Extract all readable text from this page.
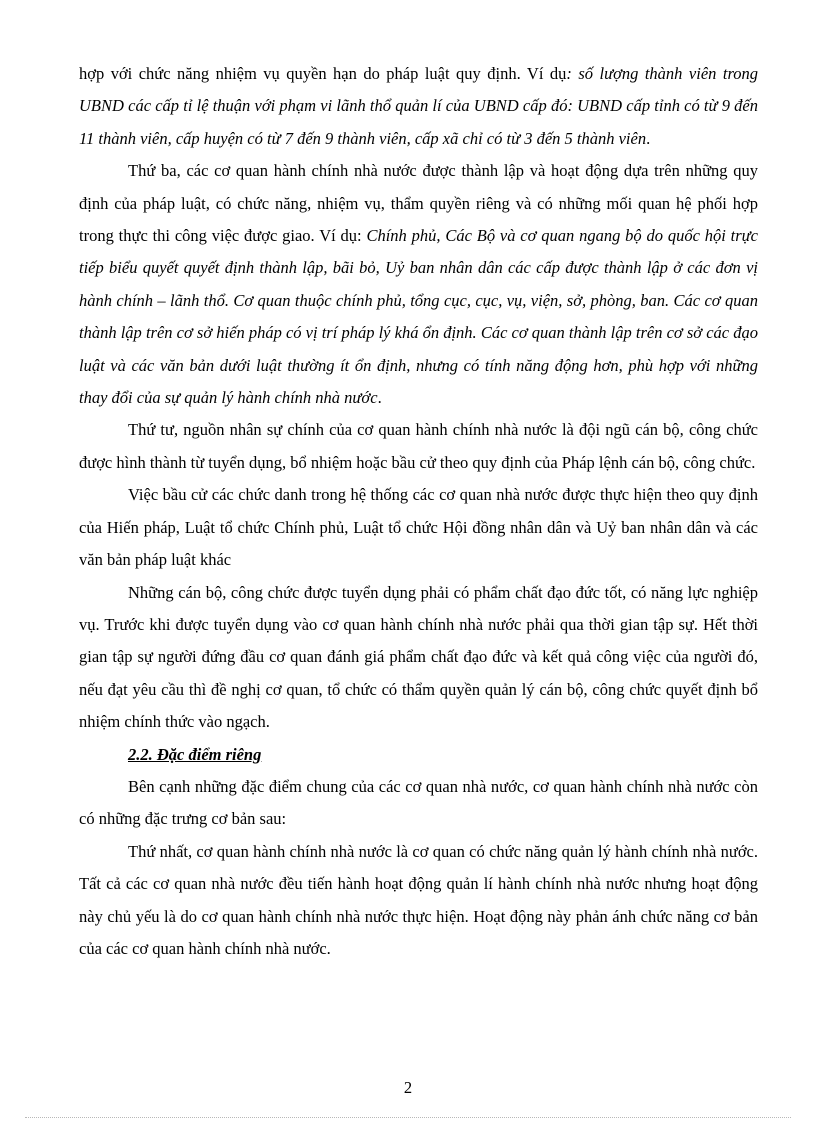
hợp với chức năng nhiệm vụ quyền hạn do pháp luật quy định. Ví dụ: số lượng thành viên trong UBND các cấp tỉ lệ thuận với phạm vi lãnh thổ quản lí của UBND cấp đó: UBND cấp tỉnh có từ 9 đến 11 thành viên, cấp huyện có từ 7 đến 9 thành viên, cấp xã chỉ có từ 3 đến 5 thành viên.

Thứ ba, các cơ quan hành chính nhà nước được thành lập và hoạt động dựa trên những quy định của pháp luật, có chức năng, nhiệm vụ, thẩm quyền riêng và có những mối quan hệ phối hợp trong thực thi công việc được giao. Ví dụ: Chính phủ, Các Bộ và cơ quan ngang bộ do quốc hội trực tiếp biểu quyết quyết định thành lập, bãi bỏ, Uỷ ban nhân dân các cấp được thành lập ở các đơn vị hành chính – lãnh thổ. Cơ quan thuộc chính phủ, tổng cục, cục, vụ, viện, sở, phòng, ban. Các cơ quan thành lập trên cơ sở hiến pháp có vị trí pháp lý khá ổn định. Các cơ quan thành lập trên cơ sở các đạo luật và các văn bản dưới luật thường ít ổn định, nhưng có tính năng động hơn, phù hợp với những thay đổi của sự quản lý hành chính nhà nước.

Thứ tư, nguồn nhân sự chính của cơ quan hành chính nhà nước là đội ngũ cán bộ, công chức được hình thành từ tuyển dụng, bổ nhiệm hoặc bầu cử theo quy định của Pháp lệnh cán bộ, công chức.

Việc bầu cử các chức danh trong hệ thống các cơ quan nhà nước được thực hiện theo quy định của Hiến pháp, Luật tổ chức Chính phủ, Luật tổ chức Hội đồng nhân dân và Uỷ ban nhân dân và các văn bản pháp luật khác

Những cán bộ, công chức được tuyển dụng phải có phẩm chất đạo đức tốt, có năng lực nghiệp vụ. Trước khi được tuyển dụng vào cơ quan hành chính nhà nước phải qua thời gian tập sự. Hết thời gian tập sự người đứng đầu cơ quan đánh giá phẩm chất đạo đức và kết quả công việc của người đó, nếu đạt yêu cầu thì đề nghị cơ quan, tổ chức có thẩm quyền quản lý cán bộ, công chức quyết định bổ nhiệm chính thức vào ngạch.

2.2. Đặc điểm riêng

Bên cạnh những đặc điểm chung của các cơ quan nhà nước, cơ quan hành chính nhà nước còn có những đặc trưng cơ bản sau:

Thứ nhất, cơ quan hành chính nhà nước là cơ quan có chức năng quản lý hành chính nhà nước. Tất cả các cơ quan nhà nước đều tiến hành hoạt động quản lí hành chính nhà nước nhưng hoạt động này chủ yếu là do cơ quan hành chính nhà nước thực hiện. Hoạt động này phản ánh chức năng cơ bản của các cơ quan hành chính nhà nước.

2
